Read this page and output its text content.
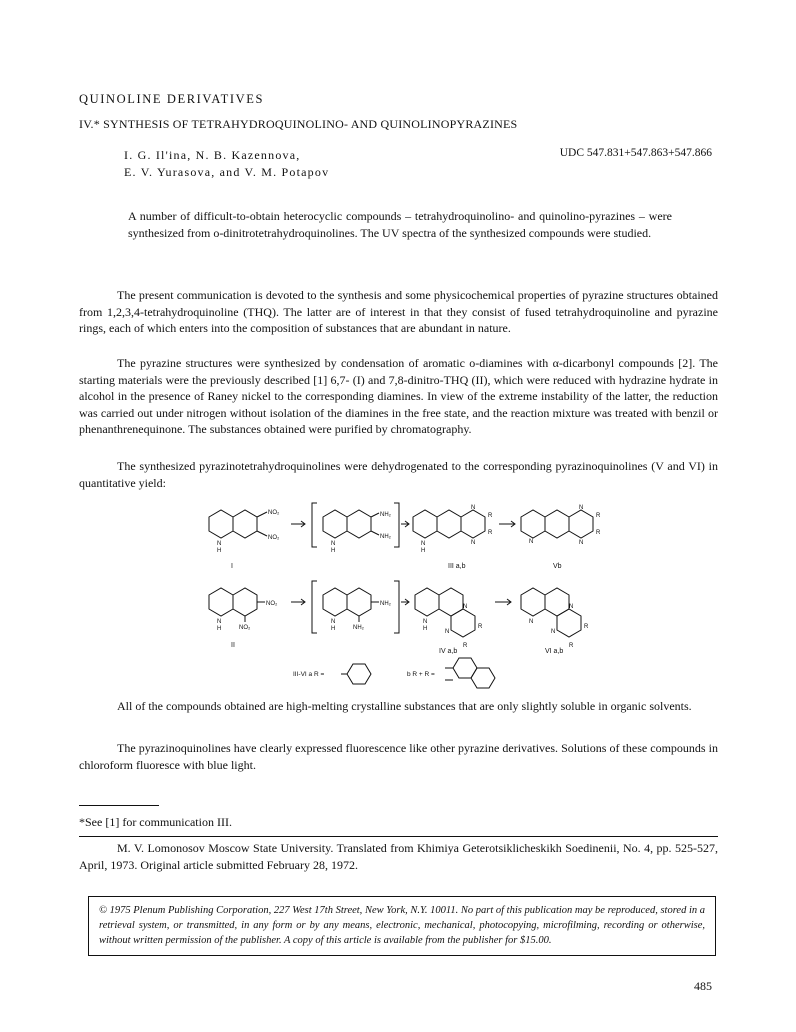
QUINOLINE DERIVATIVES
IV.* SYNTHESIS OF TETRAHYDROQUINOLINO- AND QUINOLINOPYRAZINES
I. G. Il'ina, N. B. Kazennova,
E. V. Yurasova, and V. M. Potapov
UDC 547.831+547.863+547.866
A number of difficult-to-obtain heterocyclic compounds – tetrahydroquinolino- and quinolino-pyrazines – were synthesized from o-dinitrotetrahydroquinolines. The UV spectra of the synthesized compounds were studied.

The present communication is devoted to the synthesis and some physicochemical properties of pyrazine structures obtained from 1,2,3,4-tetrahydroquinoline (THQ). The latter are of interest in that they consist of fused tetrahydroquinoline and pyrazine rings, each of which enters into the composition of substances that are abundant in nature.

The pyrazine structures were synthesized by condensation of aromatic o-diamines with α-dicarbonyl compounds [2]. The starting materials were the previously described [1] 6,7- (I) and 7,8-dinitro-THQ (II), which were reduced with hydrazine hydrate in alcohol in the presence of Raney nickel to the corresponding diamines. In view of the extreme instability of the latter, the reduction was carried out under nitrogen without isolation of the diamines in the free state, and the reaction mixture was treated with benzil or phenanthrenequinone. The substances obtained were purified by chromatography.

The synthesized pyrazinotetrahydroquinolines were dehydrogenated to the corresponding pyrazinoquinolines (V and VI) in quantitative yield:

NO₂
NO₂
N
H
I
NH₂
NH₂
N
H
N
N
R
R
N
H
III a,b
N
N
R
R
N
Vb
NO₂
NO₂
N
H
II
NH₂
NH₂
N
H
N
N
R
R
N
H
IV a,b
N
N
R
R
N
VI a,b
III-VI a R =	b R + R =

All of the compounds obtained are high-melting crystalline substances that are only slightly soluble in organic solvents.

The pyrazinoquinolines have clearly expressed fluorescence like other pyrazine derivatives. Solutions of these compounds in chloroform fluoresce with blue light.

*See [1] for communication III.
M. V. Lomonosov Moscow State University. Translated from Khimiya Geterotsiklicheskikh Soedinenii, No. 4, pp. 525-527, April, 1973. Original article submitted February 28, 1972.
© 1975 Plenum Publishing Corporation, 227 West 17th Street, New York, N.Y. 10011. No part of this publication may be reproduced, stored in a retrieval system, or transmitted, in any form or by any means, electronic, mechanical, photocopying, microfilming, recording or otherwise, without written permission of the publisher. A copy of this article is available from the publisher for $15.00.
485
